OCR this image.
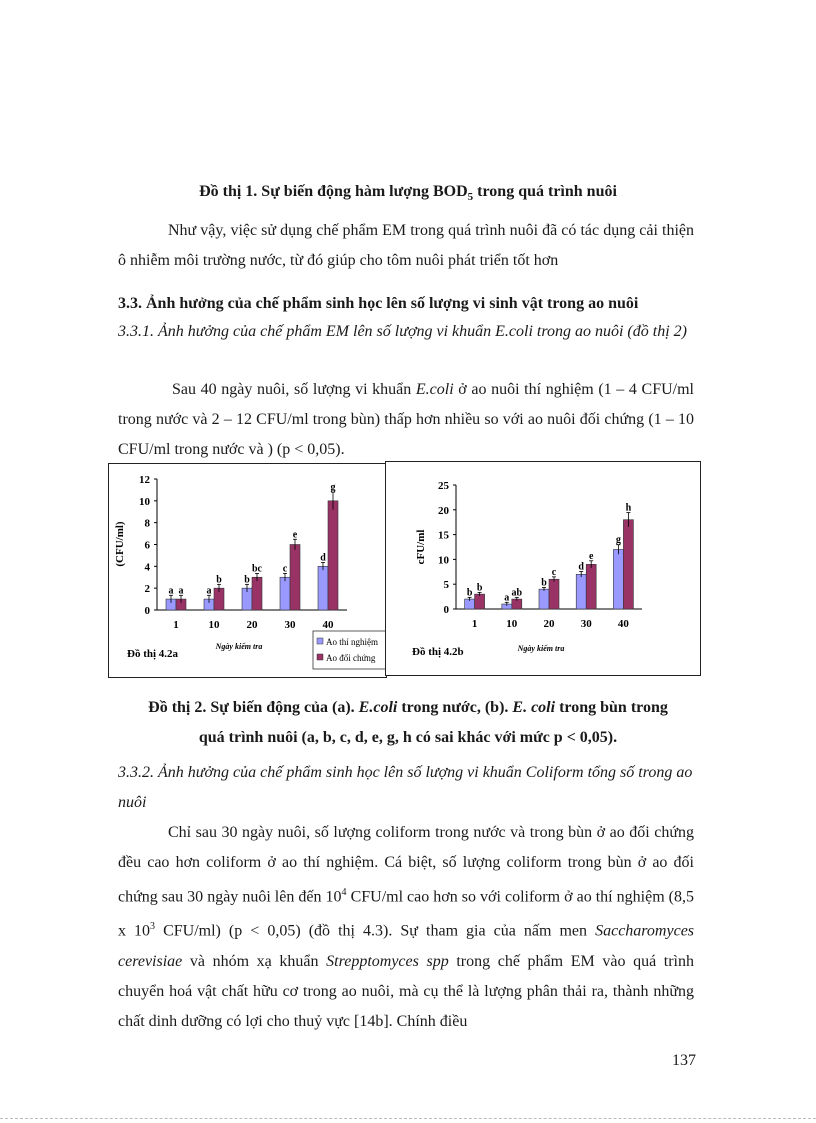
Đồ thị 1. Sự biến động hàm lượng $BOD_5$ trong quá trình nuôi
Như vậy, việc sử dụng chế phẩm EM trong quá trình nuôi đã có tác dụng cải thiện ô nhiễm môi trường nước, từ đó giúp cho tôm nuôi phát triển tốt hơn
3.3. Ảnh hưởng của chế phẩm sinh học lên số lượng vi sinh vật trong ao nuôi
3.3.1. Ảnh hưởng của chế phẩm EM lên số lượng vi khuẩn E.coli trong ao nuôi (đồ thị 2)
Sau 40 ngày nuôi, số lượng vi khuẩn E.coli ở ao nuôi thí nghiệm (1 – 4 CFU/ml trong nước và 2 – 12 CFU/ml trong bùn) thấp hơn nhiều so với ao nuôi đối chứng (1 – 10 CFU/ml trong nước và ) (p < 0,05).
0
2
4
6
8
10
12
1
a a
10
a
b
20
b
bc
30
c
e
40
d
g
(CFU/ml)
Ngày kiểm tra
Đồ thị 4.2a
Ao thí nghiệm
Ao đối chứng
0
5
10
15
20
25
1
b b
10
a ab
20
b
c
30
d
e
40
g
h
cFU/ml
Ngày kiểm tra
Đồ thị 4.2b
Đồ thị 2. Sự biến động của (a). E.coli trong nước, (b). E. coli trong bùn trong
quá trình nuôi (a, b, c, d, e, g, h có sai khác với mức p < 0,05).
3.3.2. Ảnh hưởng của chế phẩm sinh học lên số lượng vi khuẩn Coliform tổng số trong ao nuôi
Chỉ sau 30 ngày nuôi, số lượng coliform trong nước và trong bùn ở ao đối chứng đều cao hơn coliform ở ao thí nghiệm. Cá biệt, số lượng coliform trong bùn ở ao đối chứng sau 30 ngày nuôi lên đến $10^4$ CFU/ml cao hơn so với coliform ở ao thí nghiệm (8,5 x $10^3$ CFU/ml) (p < 0,05) (đồ thị 4.3). Sự tham gia của nấm men Saccharomyces cerevisiae và nhóm xạ khuẩn Strepptomyces spp trong chế phẩm EM vào quá trình chuyển hoá vật chất hữu cơ trong ao nuôi, mà cụ thể là lượng phân thải ra, thành những chất dinh dưỡng có lợi cho thuỷ vực [14b]. Chính điều
137
